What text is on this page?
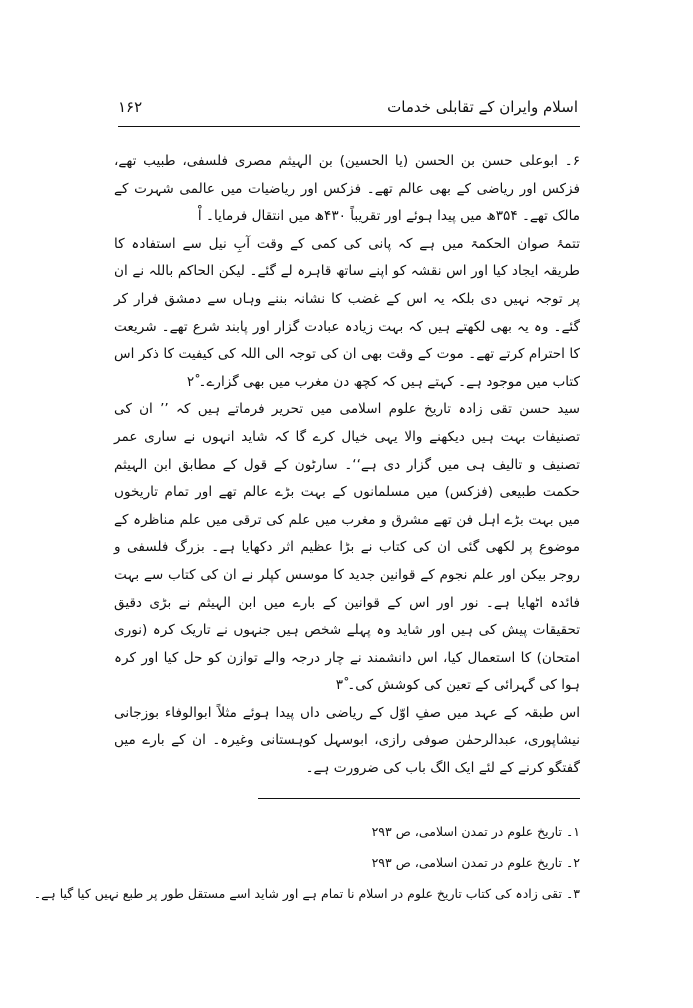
اسلام وایران کے تقابلی خدمات
۱۶۲

۶۔ ابوعلی حسن بن الحسن (یا الحسین) بن الہیثم مصری فلسفی، طبیب تھے، فزکس اور ریاضی کے بھی عالم تھے۔ فزکس اور ریاضیات میں عالمی شہرت کے مالک تھے۔ ۳۵۴ھ میں پیدا ہوئے اور تقریباً ۴۳۰ھ میں انتقال فرمایا۔ اْ

تتمۂ صوان الحکمۃ میں ہے کہ پانی کی کمی کے وقت آبِ نیل سے استفادہ کا طریقہ ایجاد کیا اور اس نقشہ کو اپنے ساتھ قاہرہ لے گئے۔ لیکن الحاکم باللہ نے ان پر توجہ نہیں دی بلکہ یہ اس کے غضب کا نشانہ بننے وہاں سے دمشق فرار کر گئے۔ وہ یہ بھی لکھتے ہیں کہ بہت زیادہ عبادت گزار اور پابند شرع تھے۔ شریعت کا احترام کرتے تھے۔ موت کے وقت بھی ان کی توجہ الی اللہ کی کیفیت کا ذکر اس کتاب میں موجود ہے۔ کہتے ہیں کہ کچھ دن مغرب میں بھی گزارے۔ ۲ْ

سید حسن تقی زادہ تاریخ علوم اسلامی میں تحریر فرماتے ہیں کہ ’’ ان کی تصنیفات بہت ہیں دیکھنے والا یہی خیال کرے گا کہ شاید انہوں نے ساری عمر تصنیف و تالیف ہی میں گزار دی ہے‘‘۔ سارٹون کے قول کے مطابق ابن الہیثم حکمت طبیعی (فزکس) میں مسلمانوں کے بہت بڑے عالم تھے اور تمام تاریخوں میں بہت بڑے اہل فن تھے مشرق و مغرب میں علم کی ترقی میں علم مناظرہ کے موضوع پر لکھی گئی ان کی کتاب نے بڑا عظیم اثر دکھایا ہے۔ بزرگ فلسفی و روجر بیکن اور علم نجوم کے قوانین جدید کا موسس کپلر نے ان کی کتاب سے بہت فائدہ اٹھایا ہے۔ نور اور اس کے قوانین کے بارے میں ابن الہیثم نے بڑی دقیق تحقیقات پیش کی ہیں اور شاید وہ پہلے شخص ہیں جنہوں نے تاریک کرہ (نوری امتحان) کا استعمال کیا، اس دانشمند نے چار درجہ والے توازن کو حل کیا اور کرہ ہوا کی گہرائی کے تعین کی کوشش کی۔ ۳ْ

اس طبقہ کے عہد میں صفِ اوّل کے ریاضی داں پیدا ہوئے مثلاً ابوالوفاء بوزجانی نیشاپوری، عبدالرحمٰن صوفی رازی، ابوسہل کوہستانی وغیرہ۔ ان کے بارے میں گفتگو کرنے کے لئے ایک الگ باب کی ضرورت ہے۔

۱۔ تاریخ علوم در تمدن اسلامی، ص ۲۹۳

۲۔ تاریخ علوم در تمدن اسلامی، ص ۲۹۳

۳۔ تقی زادہ کی کتاب تاریخ علوم در اسلام نا تمام ہے اور شاید اسے مستقل طور پر طبع نہیں کیا گیا ہے۔
